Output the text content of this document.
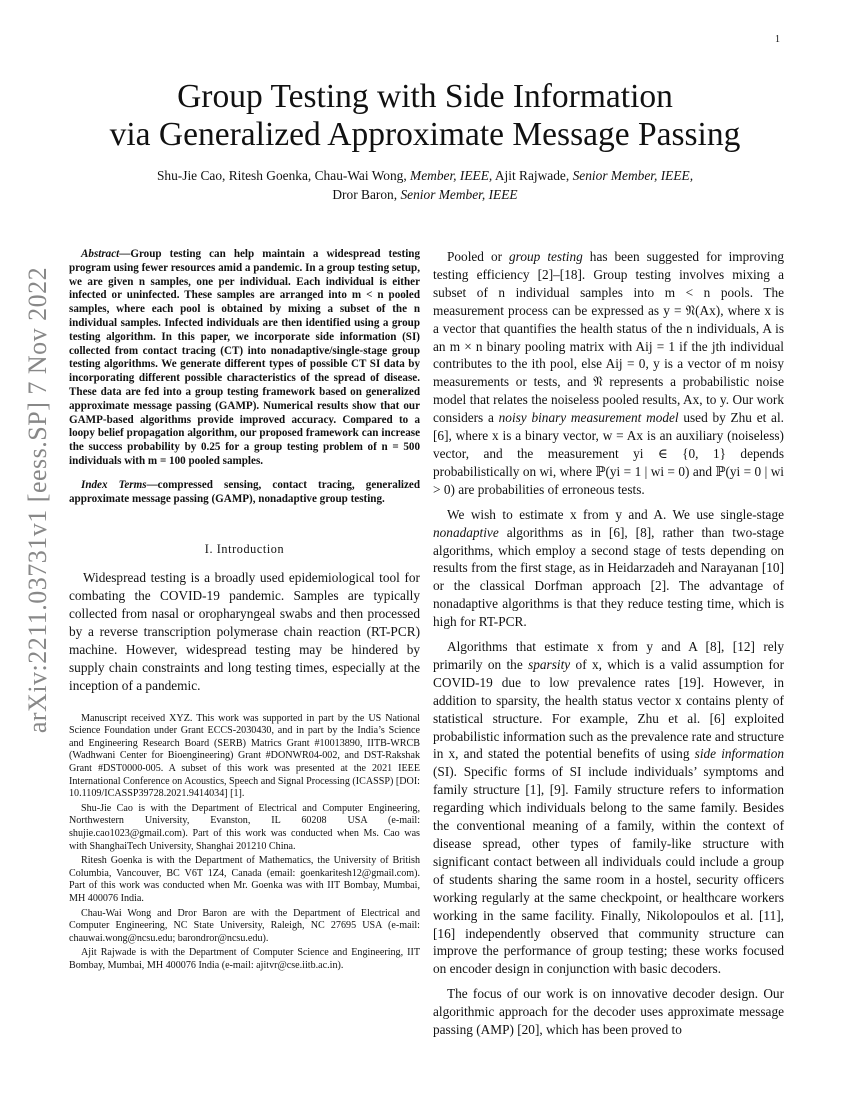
1
arXiv:2211.03731v1 [eess.SP] 7 Nov 2022
Group Testing with Side Information
via Generalized Approximate Message Passing
Shu-Jie Cao, Ritesh Goenka, Chau-Wai Wong, Member, IEEE, Ajit Rajwade, Senior Member, IEEE,
Dror Baron, Senior Member, IEEE

Abstract—Group testing can help maintain a widespread testing program using fewer resources amid a pandemic. In a group testing setup, we are given n samples, one per individual. Each individual is either infected or uninfected. These samples are arranged into m < n pooled samples, where each pool is obtained by mixing a subset of the n individual samples. Infected individuals are then identified using a group testing algorithm. In this paper, we incorporate side information (SI) collected from contact tracing (CT) into nonadaptive/single-stage group testing algorithms. We generate different types of possible CT SI data by incorporating different possible characteristics of the spread of disease. These data are fed into a group testing framework based on generalized approximate message passing (GAMP). Numerical results show that our GAMP-based algorithms provide improved accuracy. Compared to a loopy belief propagation algorithm, our proposed framework can increase the success probability by 0.25 for a group testing problem of n = 500 individuals with m = 100 pooled samples.

Index Terms—compressed sensing, contact tracing, generalized approximate message passing (GAMP), nonadaptive group testing.

I. Introduction

Widespread testing is a broadly used epidemiological tool for combating the COVID-19 pandemic. Samples are typically collected from nasal or oropharyngeal swabs and then processed by a reverse transcription polymerase chain reaction (RT-PCR) machine. However, widespread testing may be hindered by supply chain constraints and long testing times, especially at the inception of a pandemic.

Manuscript received XYZ. This work was supported in part by the US National Science Foundation under Grant ECCS-2030430, and in part by the India’s Science and Engineering Research Board (SERB) Matrics Grant #10013890, IITB-WRCB (Wadhwani Center for Bioengineering) Grant #DONWR04-002, and DST-Rakshak Grant #DST0000-005. A subset of this work was presented at the 2021 IEEE International Conference on Acoustics, Speech and Signal Processing (ICASSP) [DOI: 10.1109/ICASSP39728.2021.9414034] [1].

Shu-Jie Cao is with the Department of Electrical and Computer Engineering, Northwestern University, Evanston, IL 60208 USA (e-mail: shujie.cao1023@gmail.com). Part of this work was conducted when Ms. Cao was with ShanghaiTech University, Shanghai 201210 China.

Ritesh Goenka is with the Department of Mathematics, the University of British Columbia, Vancouver, BC V6T 1Z4, Canada (email: goenkaritesh12@gmail.com). Part of this work was conducted when Mr. Goenka was with IIT Bombay, Mumbai, MH 400076 India.

Chau-Wai Wong and Dror Baron are with the Department of Electrical and Computer Engineering, NC State University, Raleigh, NC 27695 USA (e-mail: chauwai.wong@ncsu.edu; barondror@ncsu.edu).

Ajit Rajwade is with the Department of Computer Science and Engineering, IIT Bombay, Mumbai, MH 400076 India (e-mail: ajitvr@cse.iitb.ac.in).

Pooled or group testing has been suggested for improving testing efficiency [2]–[18]. Group testing involves mixing a subset of n individual samples into m < n pools. The measurement process can be expressed as y = 𝔑(Ax), where x is a vector that quantifies the health status of the n individuals, A is an m × n binary pooling matrix with Aij = 1 if the jth individual contributes to the ith pool, else Aij = 0, y is a vector of m noisy measurements or tests, and 𝔑 represents a probabilistic noise model that relates the noiseless pooled results, Ax, to y. Our work considers a noisy binary measurement model used by Zhu et al. [6], where x is a binary vector, w = Ax is an auxiliary (noiseless) vector, and the measurement yi ∈ {0, 1} depends probabilistically on wi, where ℙ(yi = 1 | wi = 0) and ℙ(yi = 0 | wi > 0) are probabilities of erroneous tests.

We wish to estimate x from y and A. We use single-stage nonadaptive algorithms as in [6], [8], rather than two-stage algorithms, which employ a second stage of tests depending on results from the first stage, as in Heidarzadeh and Narayanan [10] or the classical Dorfman approach [2]. The advantage of nonadaptive algorithms is that they reduce testing time, which is high for RT-PCR.

Algorithms that estimate x from y and A [8], [12] rely primarily on the sparsity of x, which is a valid assumption for COVID-19 due to low prevalence rates [19]. However, in addition to sparsity, the health status vector x contains plenty of statistical structure. For example, Zhu et al. [6] exploited probabilistic information such as the prevalence rate and structure in x, and stated the potential benefits of using side information (SI). Specific forms of SI include individuals’ symptoms and family structure [1], [9]. Family structure refers to information regarding which individuals belong to the same family. Besides the conventional meaning of a family, within the context of disease spread, other types of family-like structure with significant contact between all individuals could include a group of students sharing the same room in a hostel, security officers working regularly at the same checkpoint, or healthcare workers working in the same facility. Finally, Nikolopoulos et al. [11], [16] independently observed that community structure can improve the performance of group testing; these works focused on encoder design in conjunction with basic decoders.

The focus of our work is on innovative decoder design. Our algorithmic approach for the decoder uses approximate message passing (AMP) [20], which has been proved to
